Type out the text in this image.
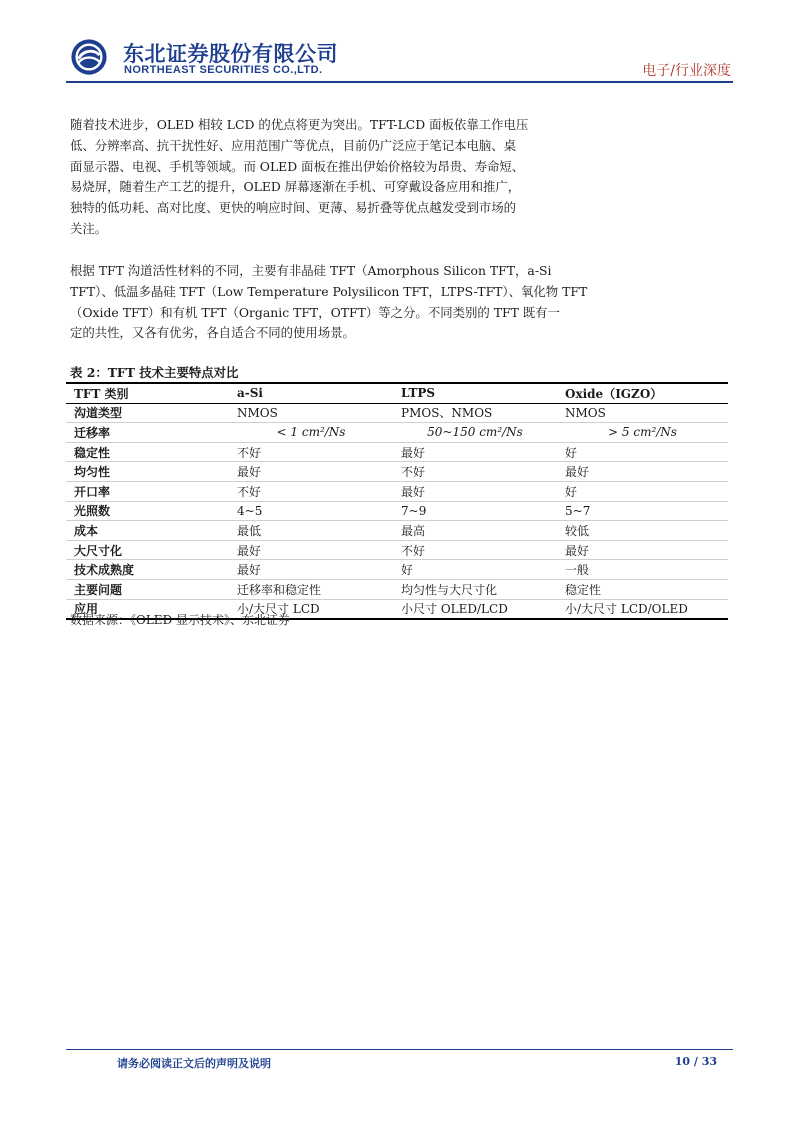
东北证券股份有限公司
NORTHEAST SECURITIES CO.,LTD.	电子/行业深度

随着技术进步，OLED 相较 LCD 的优点将更为突出。TFT-LCD 面板依靠工作电压
低、分辨率高、抗干扰性好、应用范围广等优点，目前仍广泛应于笔记本电脑、桌
面显示器、电视、手机等领域。而 OLED 面板在推出伊始价格较为昂贵、寿命短、
易烧屏，随着生产工艺的提升，OLED 屏幕逐渐在手机、可穿戴设备应用和推广，
独特的低功耗、高对比度、更快的响应时间、更薄、易折叠等优点越发受到市场的
关注。

根据 TFT 沟道活性材料的不同，主要有非晶硅 TFT（Amorphous Silicon TFT，a-Si
TFT）、低温多晶硅 TFT（Low Temperature Polysilicon TFT，LTPS-TFT）、氧化物 TFT
（Oxide TFT）和有机 TFT（Organic TFT，OTFT）等之分。不同类别的 TFT 既有一
定的共性，又各有优劣，各自适合不同的使用场景。

表 2：TFT 技术主要特点对比
TFT 类别	a-Si	LTPS	Oxide（IGZO）
沟道类型	NMOS	PMOS、NMOS	NMOS
迁移率	< 1 cm²/Ns	50~150 cm²/Ns	> 5 cm²/Ns
稳定性	不好	最好	好
均匀性	最好	不好	最好
开口率	不好	最好	好
光照数	4~5	7~9	5~7
成本	最低	最高	较低
大尺寸化	最好	不好	最好
技术成熟度	最好	好	一般
主要问题	迁移率和稳定性	均匀性与大尺寸化	稳定性
应用	小/大尺寸 LCD	小尺寸 OLED/LCD	小/大尺寸 LCD/OLED
数据来源：《OLED 显示技术》、东北证券
请务必阅读正文后的声明及说明	10 / 33
